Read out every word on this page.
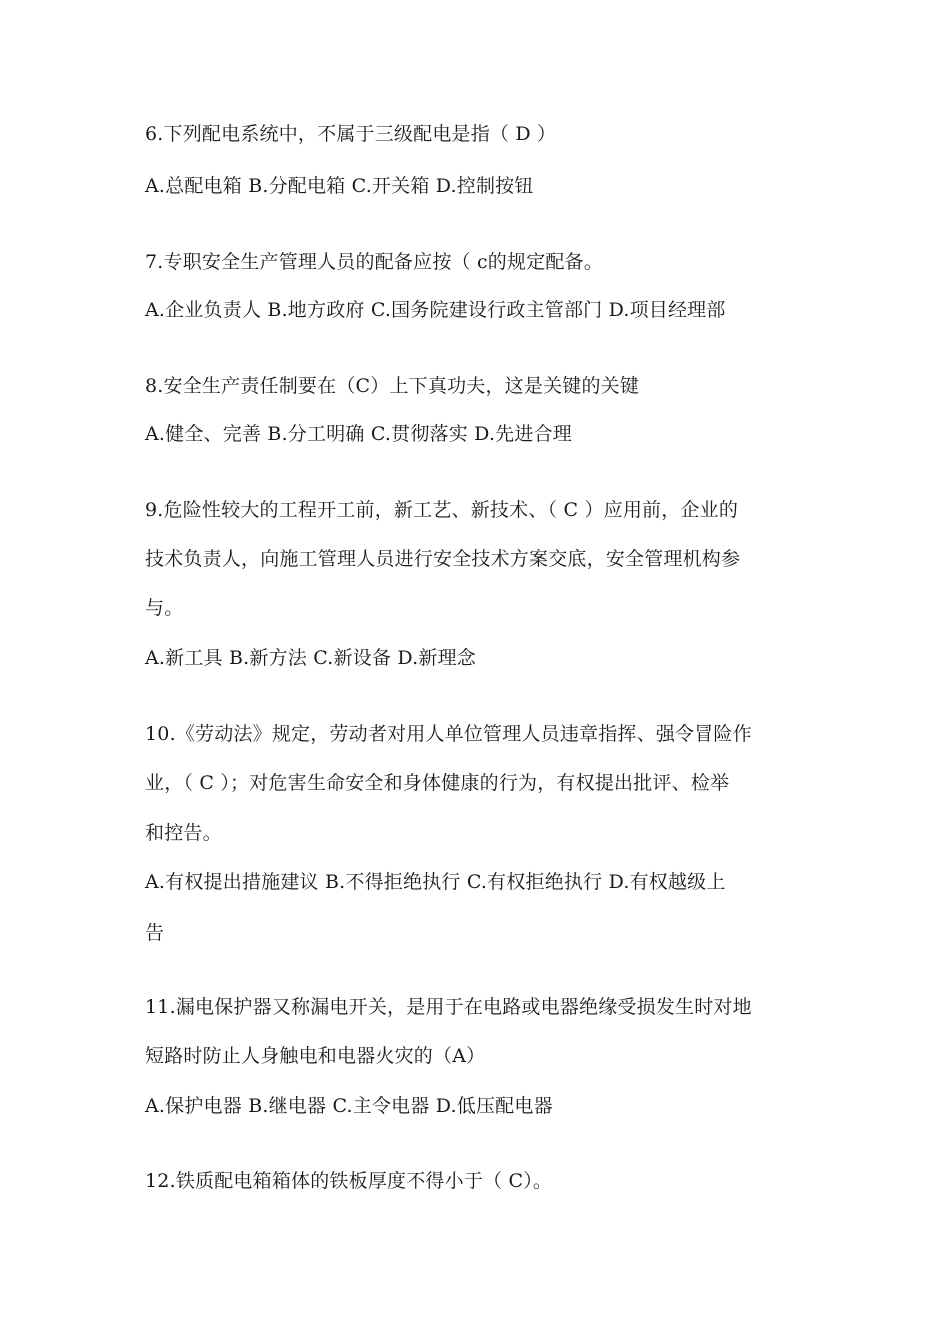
6.下列配电系统中，不属于三级配电是指（ D ）
A.总配电箱 B.分配电箱 C.开关箱 D.控制按钮
7.专职安全生产管理人员的配备应按（ c的规定配备。
A.企业负责人 B.地方政府 C.国务院建设行政主管部门 D.项目经理部
8.安全生产责任制要在（C）上下真功夫，这是关键的关键
A.健全、完善 B.分工明确 C.贯彻落实 D.先进合理
9.危险性较大的工程开工前，新工艺、新技术、（ C ）应用前，企业的
技术负责人，向施工管理人员进行安全技术方案交底，安全管理机构参
与。
A.新工具 B.新方法 C.新设备 D.新理念
10.《劳动法》规定，劳动者对用人单位管理人员违章指挥、强令冒险作
业，（ C ）；对危害生命安全和身体健康的行为，有权提出批评、检举
和控告。
A.有权提出措施建议 B.不得拒绝执行 C.有权拒绝执行 D.有权越级上
告
11.漏电保护器又称漏电开关，是用于在电路或电器绝缘受损发生时对地
短路时防止人身触电和电器火灾的（A）
A.保护电器 B.继电器 C.主令电器 D.低压配电器
12.铁质配电箱箱体的铁板厚度不得小于（ C）。
